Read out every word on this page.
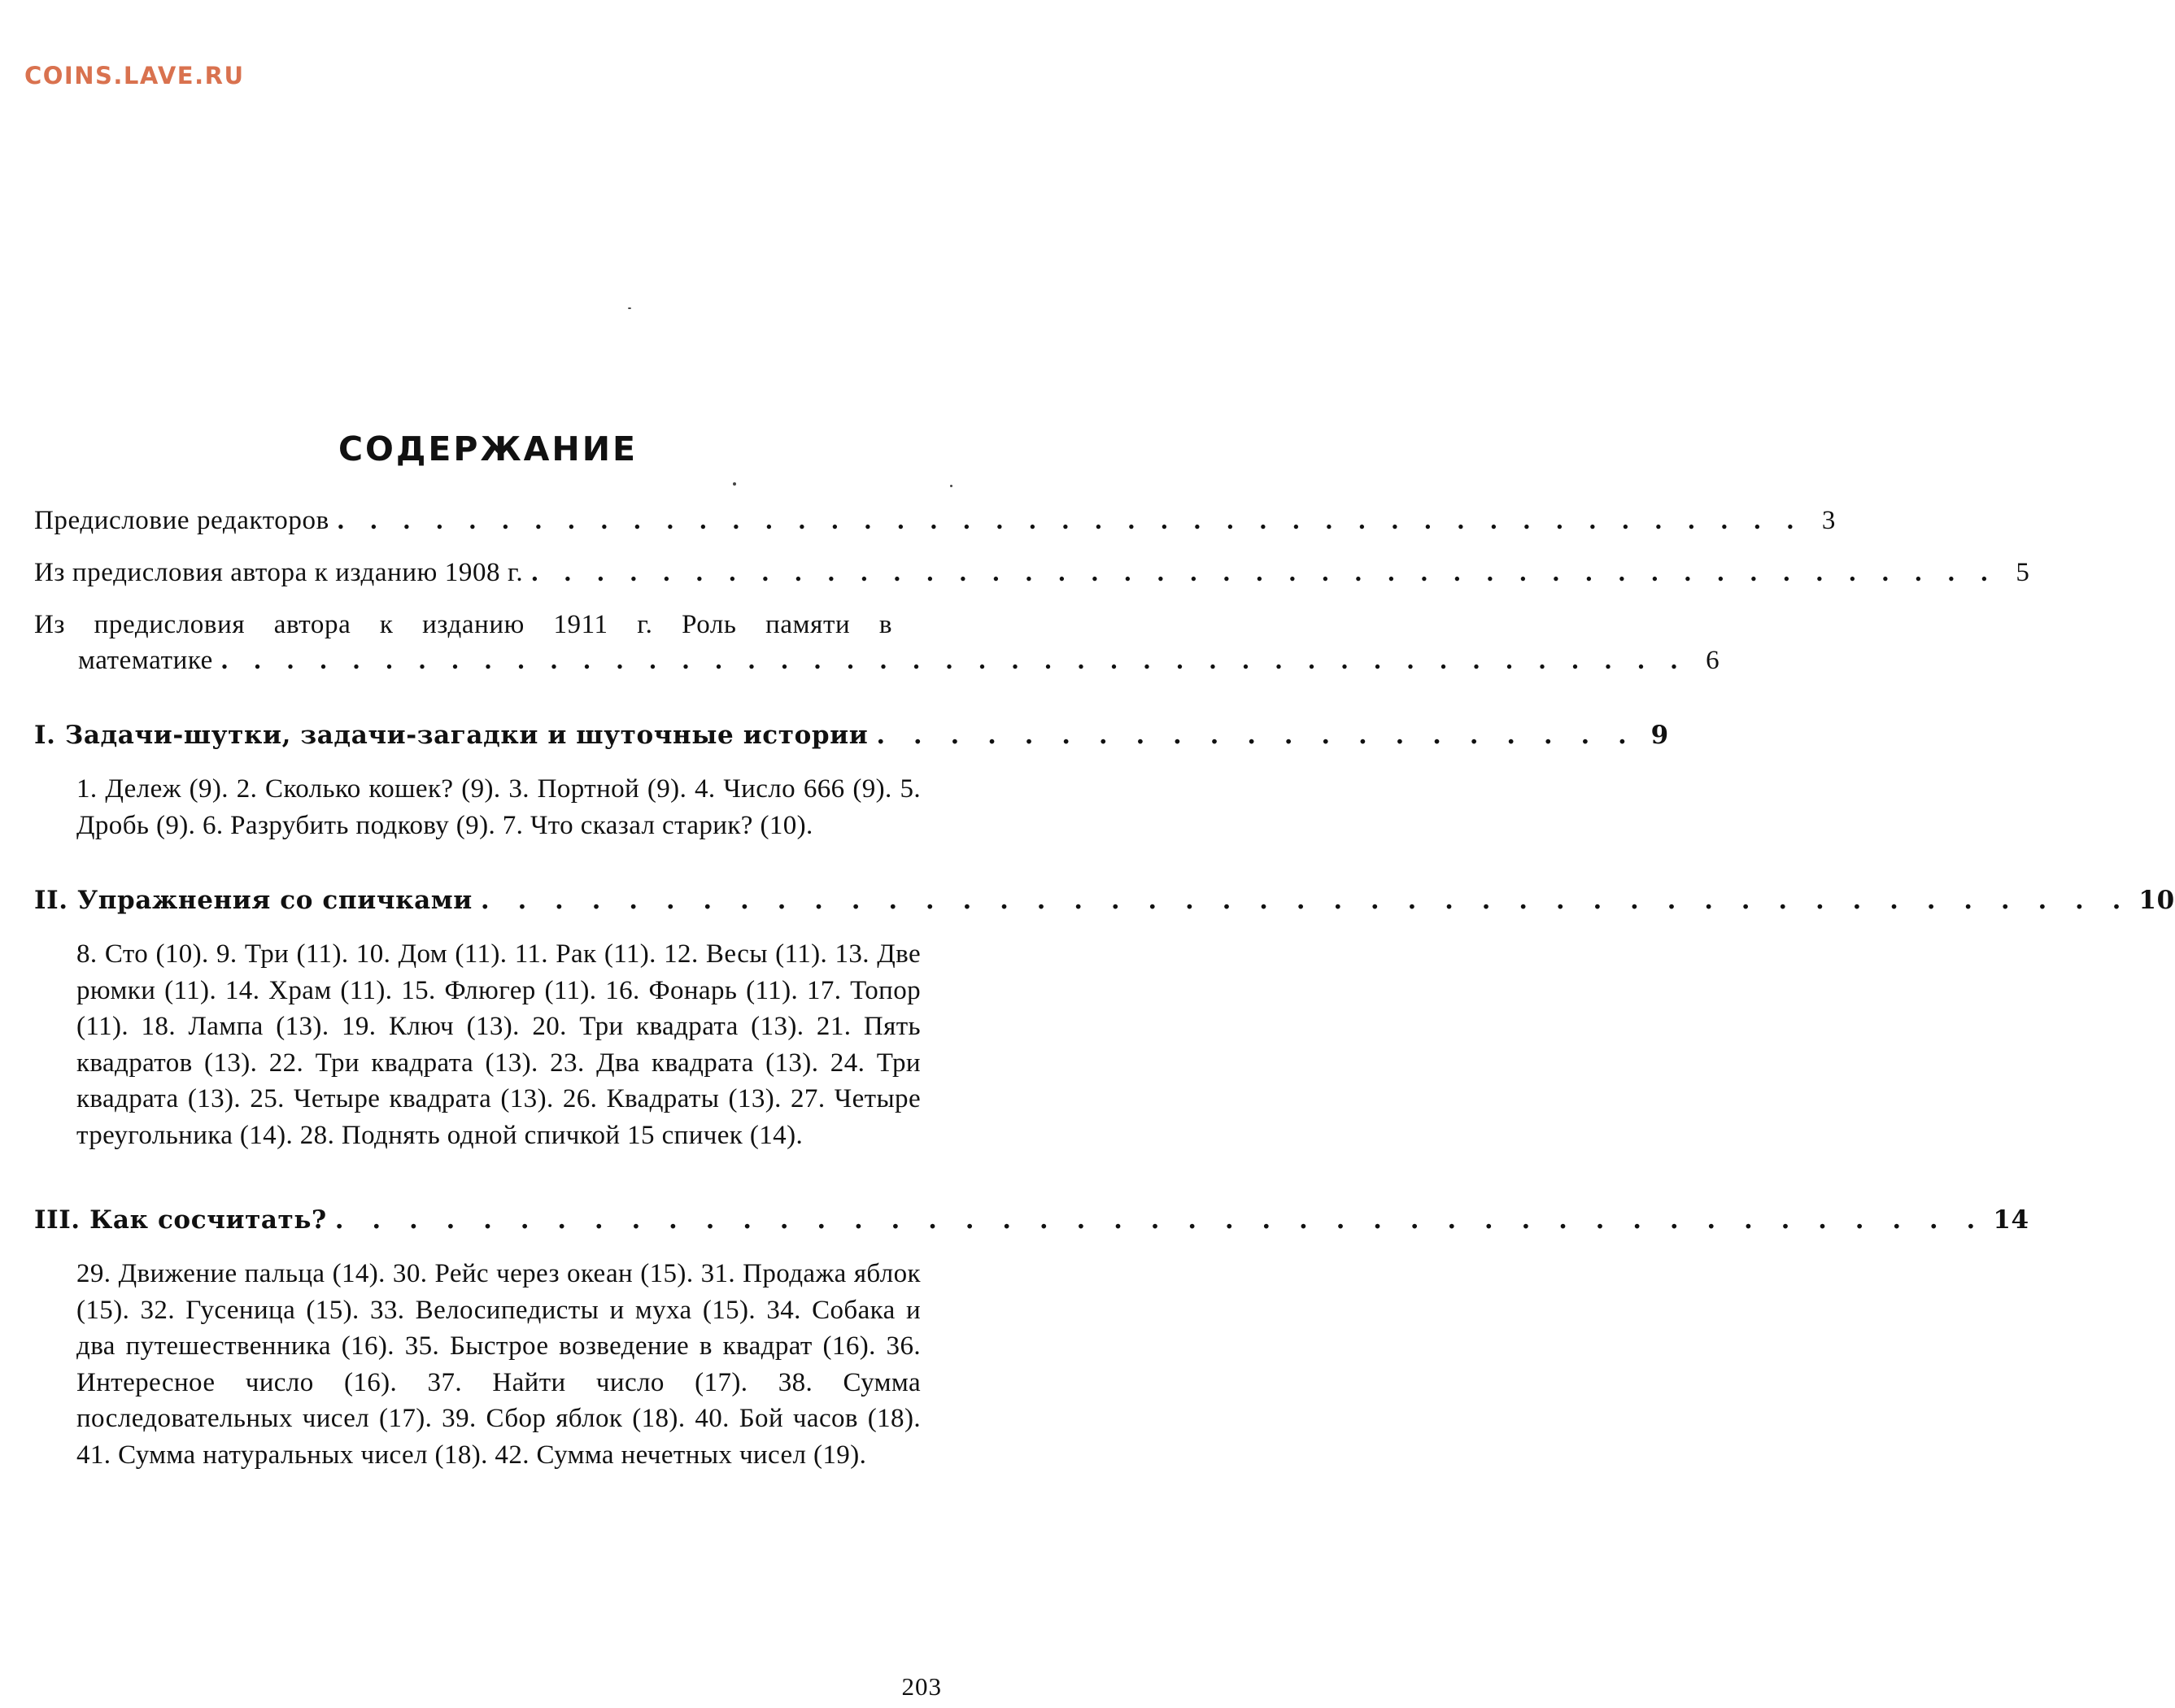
COINS.LAVE.RU
СОДЕРЖАНИЕ
Предисловие редакторов . . . . . . . . . . . . . . . . . . . . . . . . . . . . . . . . . . . . . . . . . . . . . 3
Из предисловия автора к изданию 1908 г. . . . . . . . . . . . . . . . . . . . . . . . . . . . . . . . . . . . . . . . . . . . . . 5
Из предисловия автора к изданию 1911 г. Роль памяти в
математике . . . . . . . . . . . . . . . . . . . . . . . . . . . . . . . . . . . . . . . . . . . . . 6
I. Задачи-шутки, задачи-загадки и шуточные истории . . . . . . . . . . . . . . . . . . . . . 9
1. Дележ (9). 2. Сколько кошек? (9). 3. Портной (9). 4. Число 666 (9). 5. Дробь (9). 6. Разрубить подкову (9). 7. Что сказал старик? (10).
II. Упражнения со спичками . . . . . . . . . . . . . . . . . . . . . . . . . . . . . . . . . . . . . . . . . . . . . 10
8. Сто (10). 9. Три (11). 10. Дом (11). 11. Рак (11). 12. Весы (11). 13. Две рюмки (11). 14. Храм (11). 15. Флюгер (11). 16. Фонарь (11). 17. Топор (11). 18. Лампа (13). 19. Ключ (13). 20. Три квадрата (13). 21. Пять квадратов (13). 22. Три квадрата (13). 23. Два квадрата (13). 24. Три квадрата (13). 25. Четыре квадрата (13). 26. Квадраты (13). 27. Четыре треугольника (14). 28. Поднять одной спичкой 15 спичек (14).
III. Как сосчитать? . . . . . . . . . . . . . . . . . . . . . . . . . . . . . . . . . . . . . . . . . . . . . 14
29. Движение пальца (14). 30. Рейс через океан (15). 31. Продажа яблок (15). 32. Гусеница (15). 33. Велосипедисты и муха (15). 34. Собака и два путешественника (16). 35. Быстрое возведение в квадрат (16). 36. Интересное число (16). 37. Найти число (17). 38. Сумма последовательных чисел (17). 39. Сбор яблок (18). 40. Бой часов (18). 41. Сумма натуральных чисел (18). 42. Сумма нечетных чисел (19).
203
